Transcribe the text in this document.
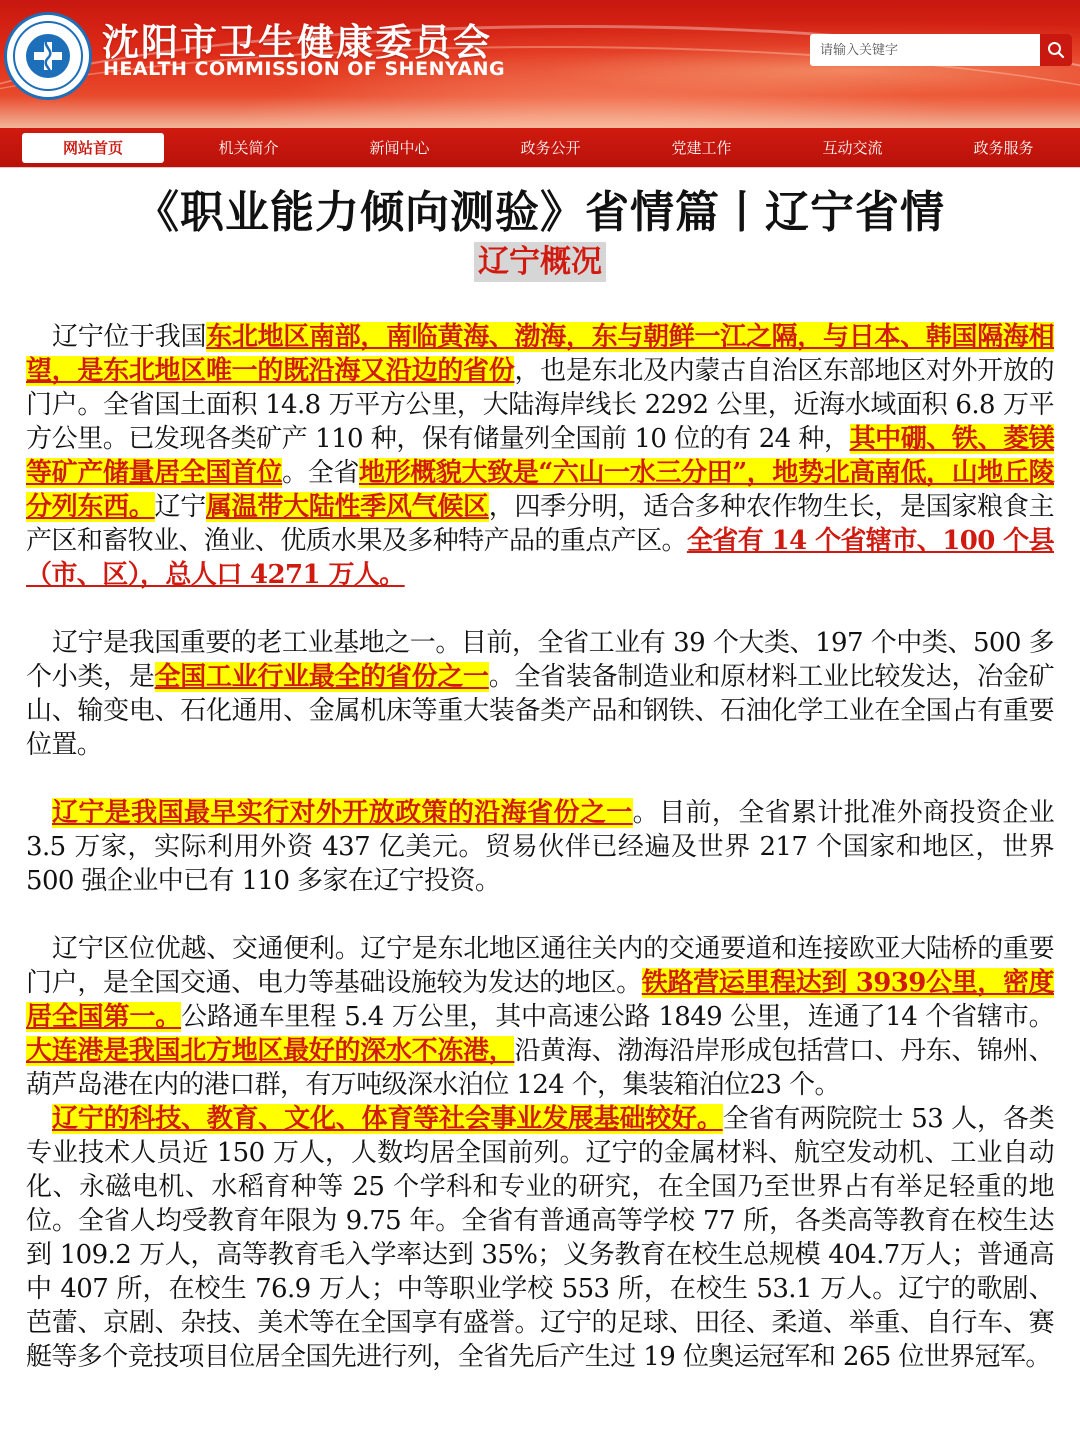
沈阳市卫生健康委员会
HEALTH COMMISSION OF SHENYANG
请输入关键字
网站首页	机关简介	新闻中心	政务公开	党建工作	互动交流	政务服务
《职业能力倾向测验》省情篇丨辽宁省情
辽宁概况

辽宁位于我国东北地区南部，南临黄海、渤海，东与朝鲜一江之隔，与日本、韩国隔海相望，是东北地区唯一的既沿海又沿边的省份，也是东北及内蒙古自治区东部地区对外开放的门户。全省国土面积 14.8 万平方公里，大陆海岸线长 2292 公里，近海水域面积 6.8 万平方公里。已发现各类矿产 110 种，保有储量列全国前 10 位的有 24 种，其中硼、铁、菱镁等矿产储量居全国首位。全省地形概貌大致是“六山一水三分田”，地势北高南低，山地丘陵分列东西。辽宁属温带大陆性季风气候区，四季分明，适合多种农作物生长，是国家粮食主产区和畜牧业、渔业、优质水果及多种特产品的重点产区。全省有 14 个省辖市、100 个县（市、区），总人口 4271 万人。

辽宁是我国重要的老工业基地之一。目前，全省工业有 39 个大类、197 个中类、500 多个小类，是全国工业行业最全的省份之一。全省装备制造业和原材料工业比较发达，冶金矿山、输变电、石化通用、金属机床等重大装备类产品和钢铁、石油化学工业在全国占有重要位置。

辽宁是我国最早实行对外开放政策的沿海省份之一。目前，全省累计批准外商投资企业 3.5 万家，实际利用外资 437 亿美元。贸易伙伴已经遍及世界 217 个国家和地区，世界 500 强企业中已有 110 多家在辽宁投资。

辽宁区位优越、交通便利。辽宁是东北地区通往关内的交通要道和连接欧亚大陆桥的重要门户，是全国交通、电力等基础设施较为发达的地区。铁路营运里程达到 3939公里，密度居全国第一。公路通车里程 5.4 万公里，其中高速公路 1849 公里，连通了14 个省辖市。大连港是我国北方地区最好的深水不冻港，沿黄海、渤海沿岸形成包括营口、丹东、锦州、葫芦岛港在内的港口群，有万吨级深水泊位 124 个，集装箱泊位23 个。

辽宁的科技、教育、文化、体育等社会事业发展基础较好。全省有两院院士 53 人，各类专业技术人员近 150 万人，人数均居全国前列。辽宁的金属材料、航空发动机、工业自动化、永磁电机、水稻育种等 25 个学科和专业的研究，在全国乃至世界占有举足轻重的地位。全省人均受教育年限为 9.75 年。全省有普通高等学校 77 所，各类高等教育在校生达到 109.2 万人，高等教育毛入学率达到 35%；义务教育在校生总规模 404.7万人；普通高中 407 所，在校生 76.9 万人；中等职业学校 553 所，在校生 53.1 万人。辽宁的歌剧、芭蕾、京剧、杂技、美术等在全国享有盛誉。辽宁的足球、田径、柔道、举重、自行车、赛艇等多个竞技项目位居全国先进行列，全省先后产生过 19 位奥运冠军和 265 位世界冠军。
